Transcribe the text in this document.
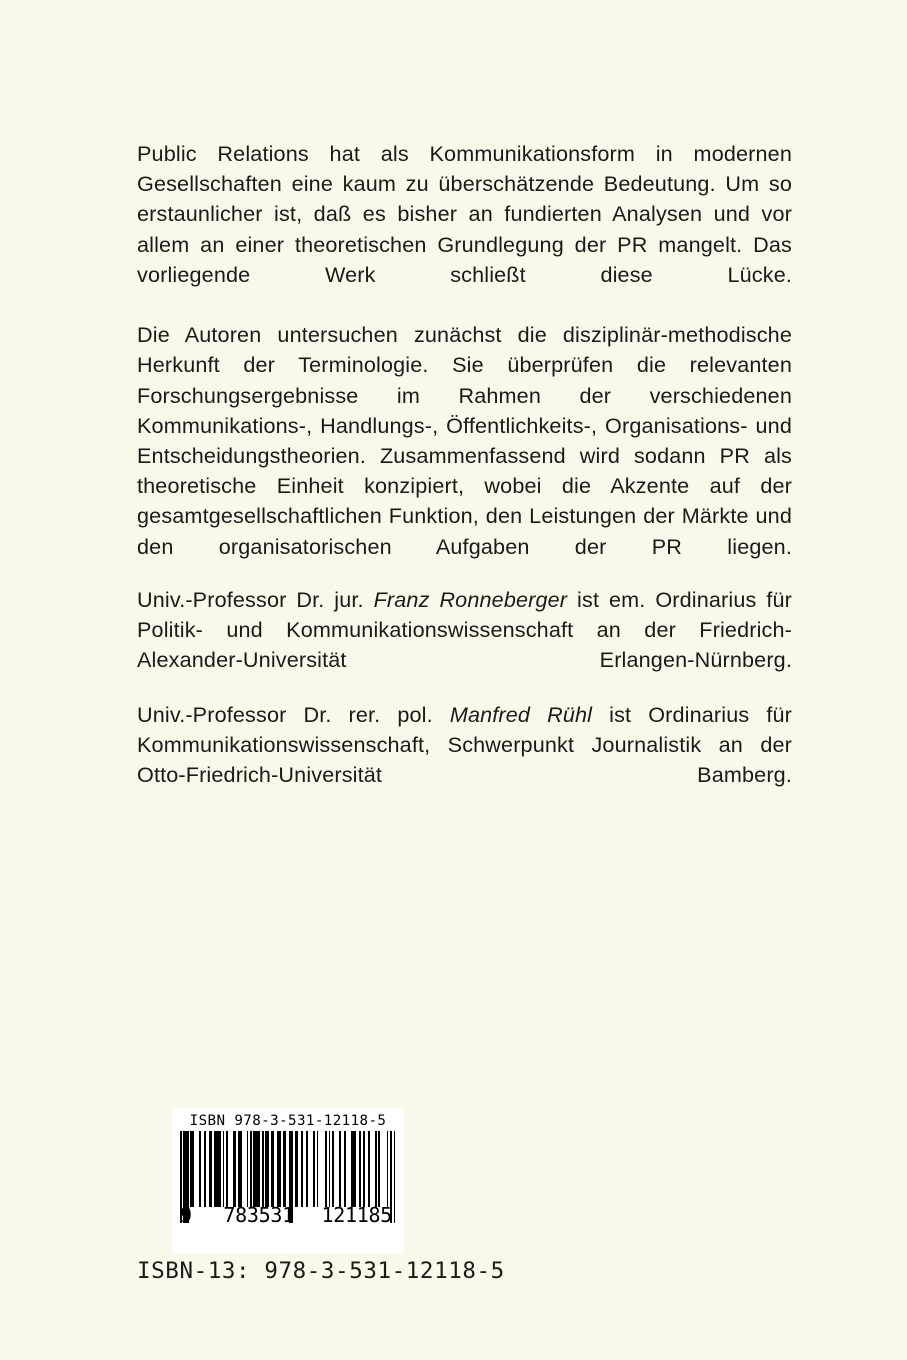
Public Relations hat als Kommunikationsform in modernen Gesellschaften eine kaum zu überschätzende Bedeutung. Um so erstaunlicher ist, daß es bisher an fundierten Analysen und vor allem an einer theoretischen Grundlegung der PR mangelt. Das vorliegende Werk schließt diese Lücke.

Die Autoren untersuchen zunächst die disziplinär-methodische Herkunft der Terminologie. Sie überprüfen die relevanten Forschungsergebnisse im Rahmen der verschiedenen Kommunikations-, Handlungs-, Öffentlichkeits-, Organisations- und Entscheidungstheorien. Zusammenfassend wird sodann PR als theoretische Einheit konzipiert, wobei die Akzente auf der gesamtgesellschaftlichen Funktion, den Leistungen der Märkte und den organisatorischen Aufgaben der PR liegen.

Univ.-Professor Dr. jur. Franz Ronneberger ist em. Ordinarius für Politik- und Kommunikationswissenschaft an der Friedrich-Alexander-Universität Erlangen-Nürnberg.

Univ.-Professor Dr. rer. pol. Manfred Rühl ist Ordinarius für Kommunikationswissenschaft, Schwerpunkt Journalistik an der Otto-Friedrich-Universität Bamberg.

ISBN 978-3-531-12118-5
9 783531 121185
ISBN-13: 978-3-531-12118-5
